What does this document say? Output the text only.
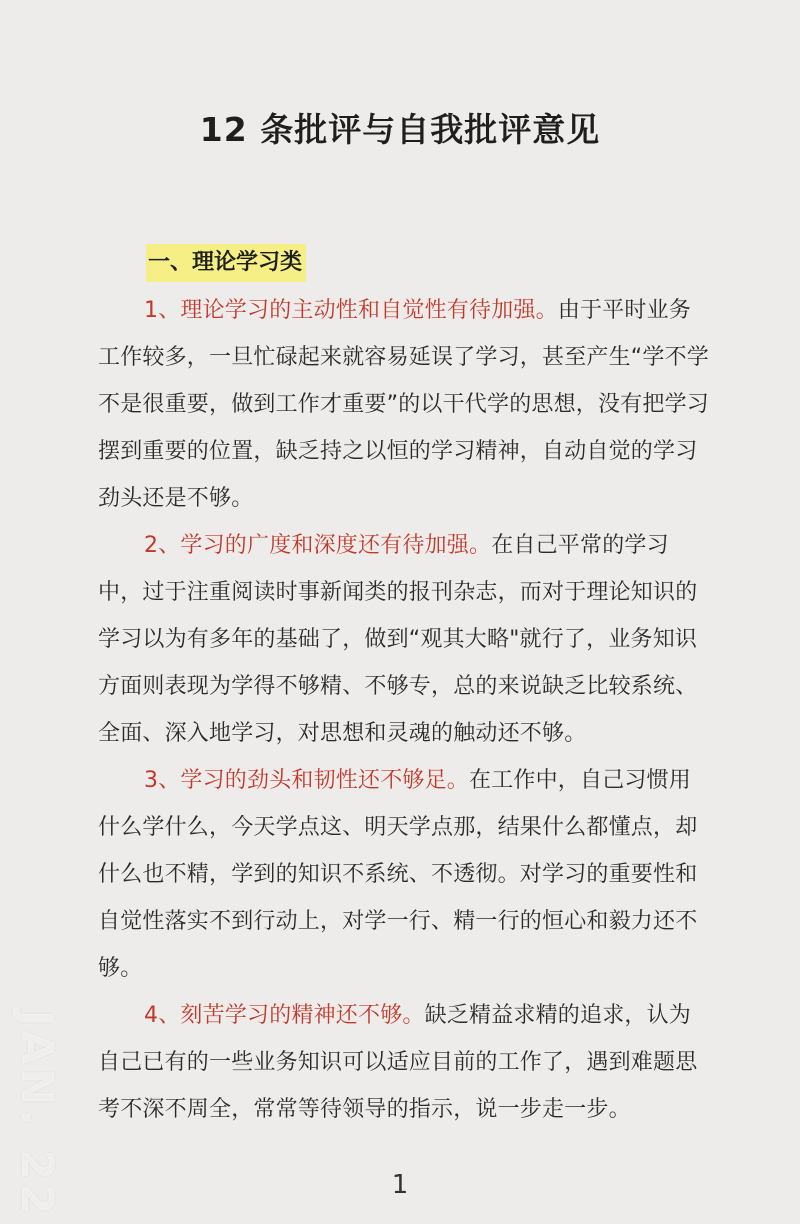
12 条批评与自我批评意见
一、理论学习类

1、理论学习的主动性和自觉性有待加强。由于平时业务工作较多，一旦忙碌起来就容易延误了学习，甚至产生“学不学不是很重要，做到工作才重要”的以干代学的思想，没有把学习摆到重要的位置，缺乏持之以恒的学习精神，自动自觉的学习劲头还是不够。

2、学习的广度和深度还有待加强。在自己平常的学习中，过于注重阅读时事新闻类的报刊杂志，而对于理论知识的学习以为有多年的基础了，做到“观其大略"就行了，业务知识方面则表现为学得不够精、不够专，总的来说缺乏比较系统、全面、深入地学习，对思想和灵魂的触动还不够。

3、学习的劲头和韧性还不够足。在工作中，自己习惯用什么学什么，今天学点这、明天学点那，结果什么都懂点，却什么也不精，学到的知识不系统、不透彻。对学习的重要性和自觉性落实不到行动上，对学一行、精一行的恒心和毅力还不够。

4、刻苦学习的精神还不够。缺乏精益求精的追求，认为自己已有的一些业务知识可以适应目前的工作了，遇到难题思考不深不周全，常常等待领导的指示，说一步走一步。

JAN. 22	1
